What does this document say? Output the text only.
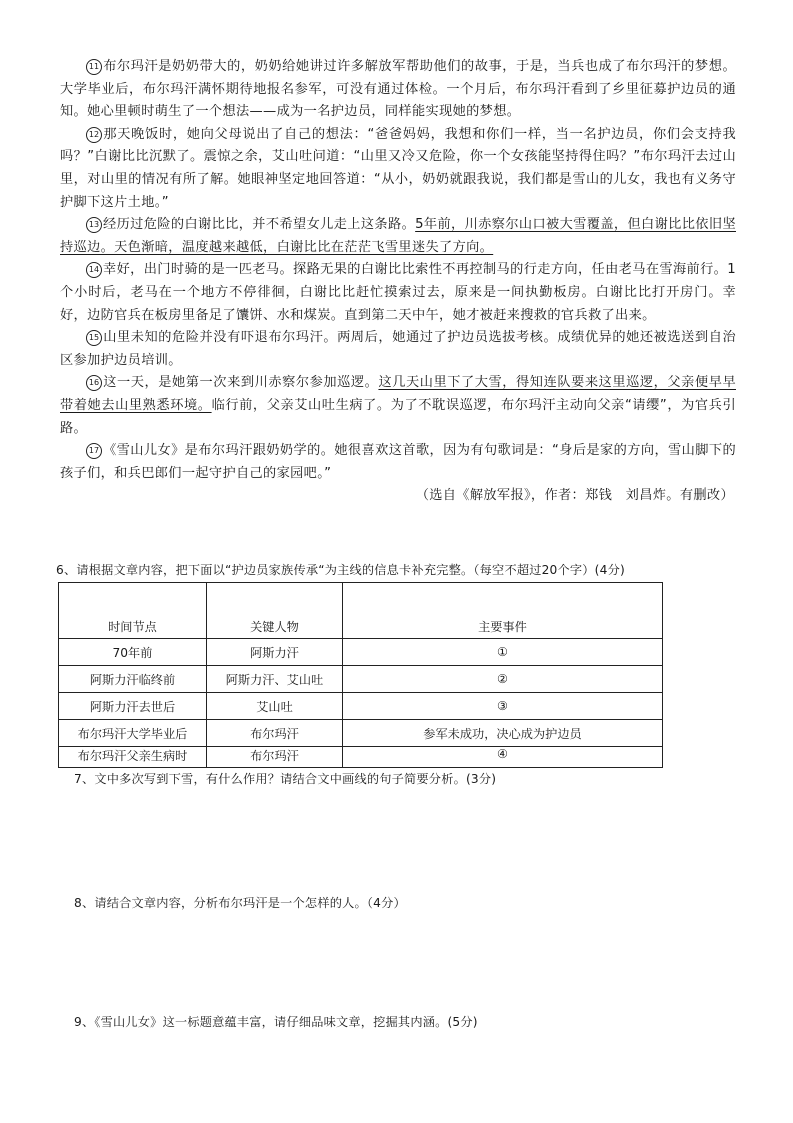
11 布尔玛汗是奶奶带大的，奶奶给她讲过许多解放军帮助他们的故事，于是，当兵也成了布尔玛汗的梦想。大学毕业后，布尔玛汗满怀期待地报名参军，可没有通过体检。一个月后，布尔玛汗看到了乡里征募护边员的通知。她心里顿时萌生了一个想法——成为一名护边员，同样能实现她的梦想。

12 那天晚饭时，她向父母说出了自己的想法：“爸爸妈妈，我想和你们一样，当一名护边员，你们会支持我吗？”白谢比比沉默了。震惊之余，艾山吐问道：“山里又冷又危险，你一个女孩能坚持得住吗？”布尔玛汗去过山里，对山里的情况有所了解。她眼神坚定地回答道：“从小，奶奶就跟我说，我们都是雪山的儿女，我也有义务守护脚下这片土地。”

13 经历过危险的白谢比比，并不希望女儿走上这条路。5年前，川赤察尔山口被大雪覆盖，但白谢比比依旧坚持巡边。天色渐暗，温度越来越低，白谢比比在茫茫飞雪里迷失了方向。

14 幸好，出门时骑的是一匹老马。探路无果的白谢比比索性不再控制马的行走方向，任由老马在雪海前行。1个小时后，老马在一个地方不停徘徊，白谢比比赶忙摸索过去，原来是一间执勤板房。白谢比比打开房门。幸好，边防官兵在板房里备足了馕饼、水和煤炭。直到第二天中午，她才被赶来搜救的官兵救了出来。

15 山里未知的危险并没有吓退布尔玛汗。两周后，她通过了护边员选拔考核。成绩优异的她还被选送到自治区参加护边员培训。

16 这一天，是她第一次来到川赤察尔参加巡逻。这几天山里下了大雪，得知连队要来这里巡逻，父亲便早早带着她去山里熟悉环境。临行前，父亲艾山吐生病了。为了不耽误巡逻，布尔玛汗主动向父亲“请缨”，为官兵引路。

17 《雪山儿女》是布尔玛汗跟奶奶学的。她很喜欢这首歌，因为有句歌词是：“身后是家的方向，雪山脚下的孩子们，和兵巴郎们一起守护自己的家园吧。”

（选自《解放军报》，作者：郑钱　刘昌炸。有删改）

6、请根据文章内容，把下面以“护边员家族传承“为主线的信息卡补充完整。（每空不超过20个字）(4分)
时间节点	关键人物	主要事件
70年前	阿斯力汗	①
阿斯力汗临终前	阿斯力汗、艾山吐	②
阿斯力汗去世后	艾山吐	③
布尔玛汗大学毕业后	布尔玛汗	参军未成功，决心成为护边员
布尔玛汗父亲生病时	布尔玛汗	④
7、文中多次写到下雪，有什么作用？请结合文中画线的句子简要分析。(3分)
8、请结合文章内容，分析布尔玛汗是一个怎样的人。（4分）
9、《雪山儿女》这一标题意蕴丰富，请仔细品味文章，挖掘其内涵。(5分)
